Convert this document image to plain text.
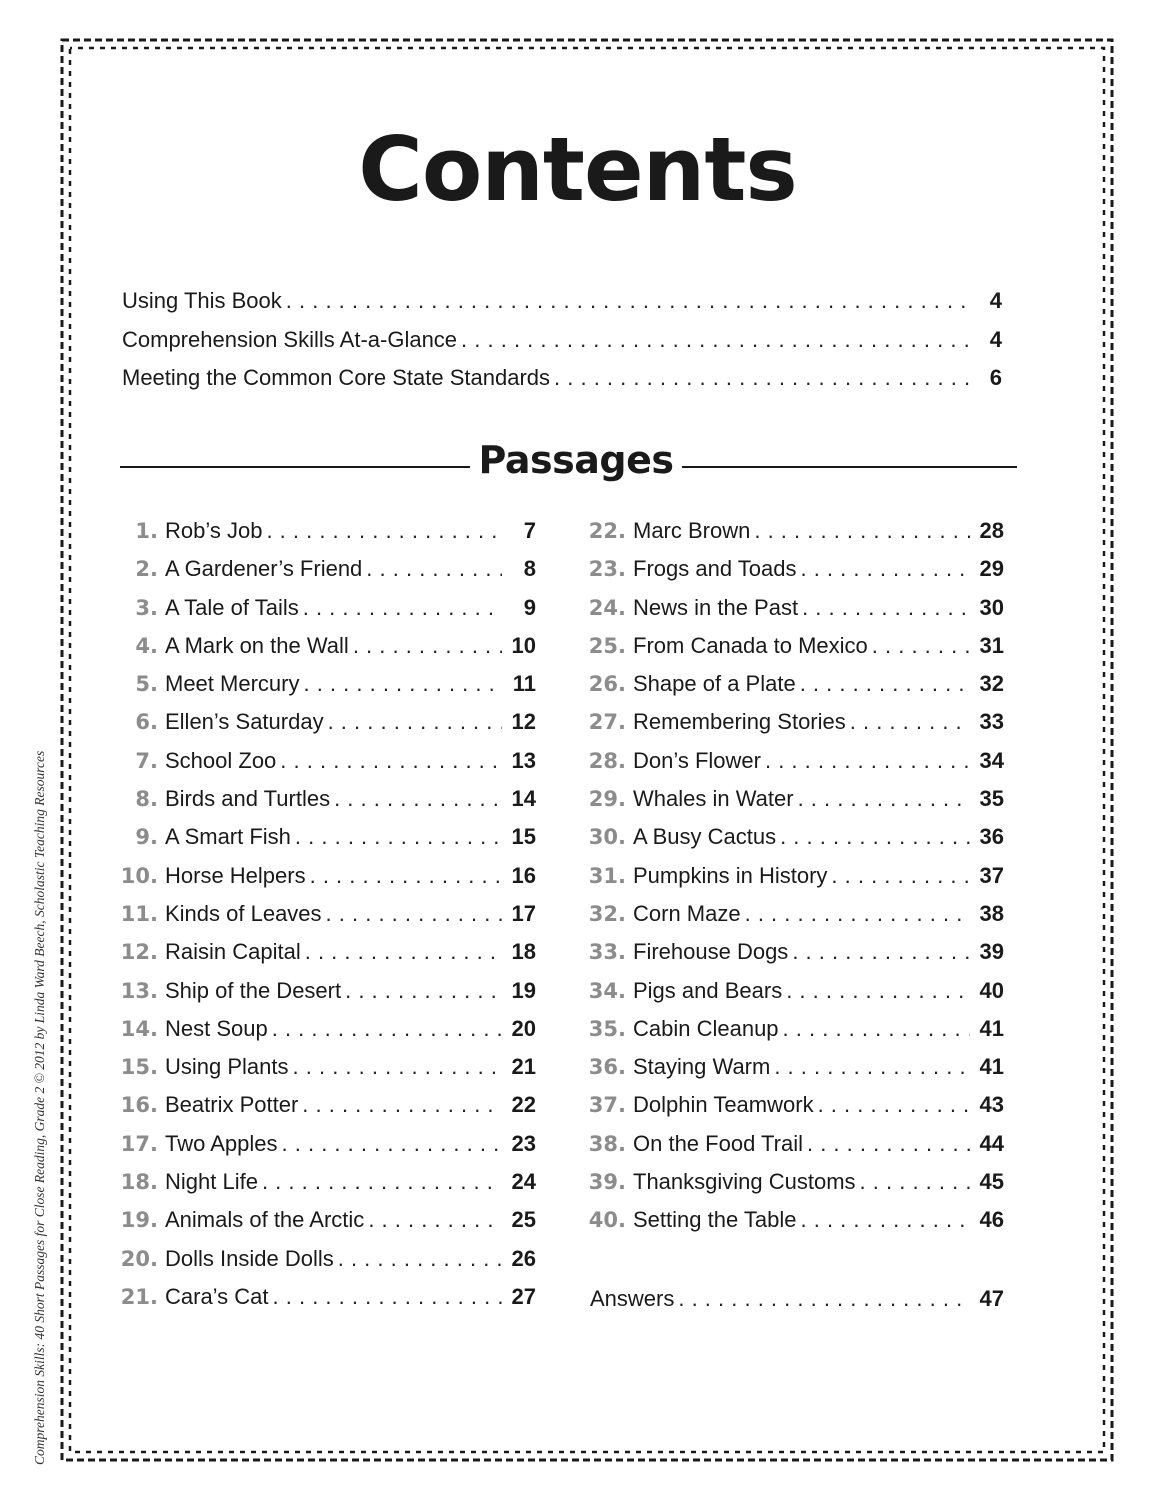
Comprehension Skills: 40 Short Passages for Close Reading, Grade 2 © 2012 by Linda Ward Beech, Scholastic Teaching Resources
Contents
Using This Book . . .	4
Comprehension Skills At-a-Glance . . .	4
Meeting the Common Core State Standards . . .	6
Passages
1. Rob’s Job . . .	7
2. A Gardener’s Friend . . .	8
3. A Tale of Tails . . .	9
4. A Mark on the Wall . . .	10
5. Meet Mercury . . .	11
6. Ellen’s Saturday . . .	12
7. School Zoo . . .	13
8. Birds and Turtles . . .	14
9. A Smart Fish . . .	15
10. Horse Helpers . . .	16
11. Kinds of Leaves . . .	17
12. Raisin Capital . . .	18
13. Ship of the Desert . . .	19
14. Nest Soup . . .	20
15. Using Plants . . .	21
16. Beatrix Potter . . .	22
17. Two Apples . . .	23
18. Night Life . . .	24
19. Animals of the Arctic . . .	25
20. Dolls Inside Dolls . . .	26
21. Cara’s Cat . . .	27
22. Marc Brown . . .	28
23. Frogs and Toads . . .	29
24. News in the Past . . .	30
25. From Canada to Mexico . . .	31
26. Shape of a Plate . . .	32
27. Remembering Stories . . .	33
28. Don’s Flower . . .	34
29. Whales in Water . . .	35
30. A Busy Cactus . . .	36
31. Pumpkins in History . . .	37
32. Corn Maze . . .	38
33. Firehouse Dogs . . .	39
34. Pigs and Bears . . .	40
35. Cabin Cleanup . . .	41
36. Staying Warm . . .	41
37. Dolphin Teamwork . . .	43
38. On the Food Trail . . .	44
39. Thanksgiving Customs . . .	45
40. Setting the Table . . .	46
Answers . . .	47
